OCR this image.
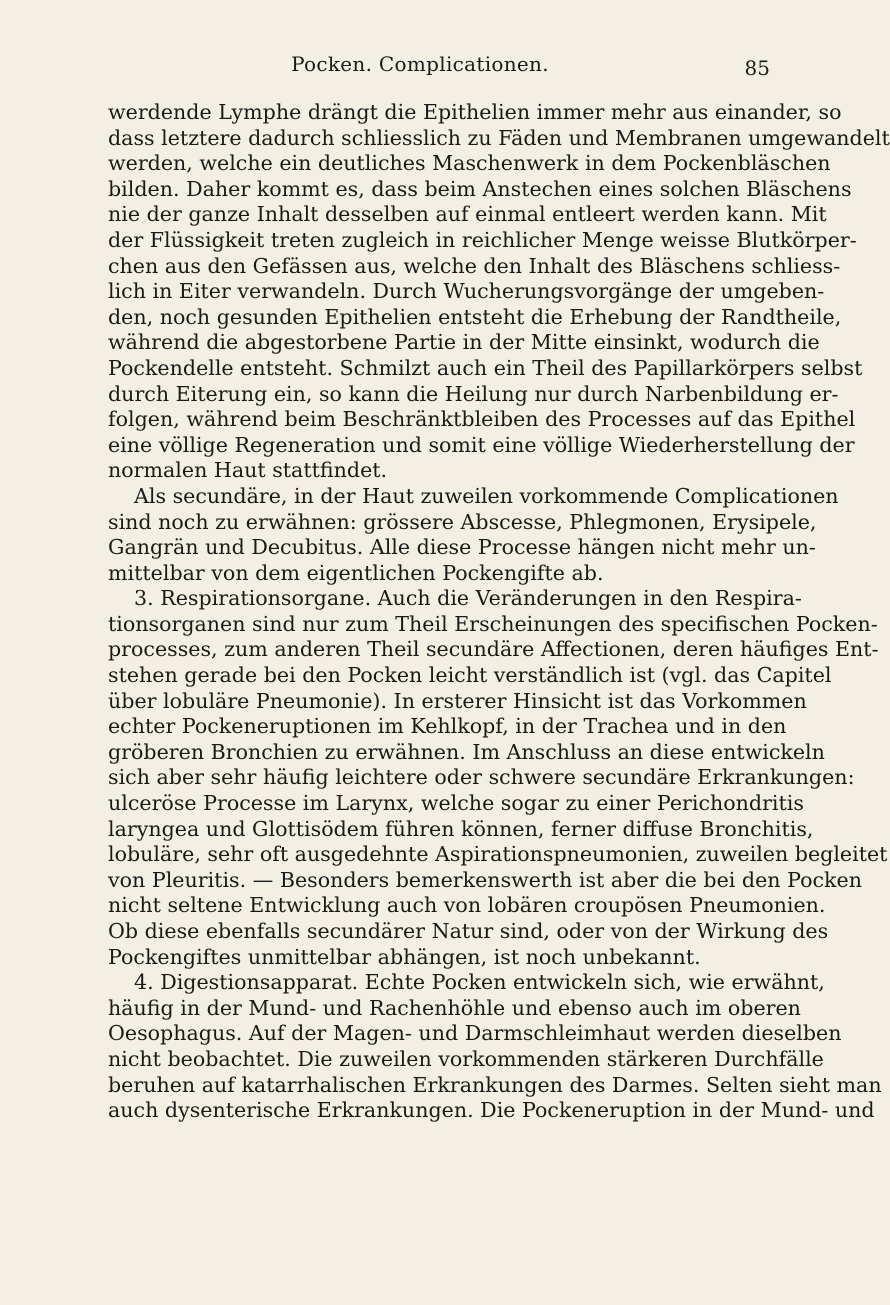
Pocken. Complicationen.	85
werdende Lymphe drängt die Epithelien immer mehr aus einander, so
dass letztere dadurch schliesslich zu Fäden und Membranen umgewandelt
werden, welche ein deutliches Maschenwerk in dem Pockenbläschen
bilden. Daher kommt es, dass beim Anstechen eines solchen Bläschens
nie der ganze Inhalt desselben auf einmal entleert werden kann. Mit
der Flüssigkeit treten zugleich in reichlicher Menge weisse Blutkörper-
chen aus den Gefässen aus, welche den Inhalt des Bläschens schliess-
lich in Eiter verwandeln. Durch Wucherungsvorgänge der umgeben-
den, noch gesunden Epithelien entsteht die Erhebung der Randtheile,
während die abgestorbene Partie in der Mitte einsinkt, wodurch die
Pockendelle entsteht. Schmilzt auch ein Theil des Papillarkörpers selbst
durch Eiterung ein, so kann die Heilung nur durch Narbenbildung er-
folgen, während beim Beschränktbleiben des Processes auf das Epithel
eine völlige Regeneration und somit eine völlige Wiederherstellung der
normalen Haut stattfindet.
Als secundäre, in der Haut zuweilen vorkommende Complicationen
sind noch zu erwähnen: grössere Abscesse, Phlegmonen, Erysipele,
Gangrän und Decubitus. Alle diese Processe hängen nicht mehr un-
mittelbar von dem eigentlichen Pockengifte ab.
3. Respirationsorgane. Auch die Veränderungen in den Respira-
tionsorganen sind nur zum Theil Erscheinungen des specifischen Pocken-
processes, zum anderen Theil secundäre Affectionen, deren häufiges Ent-
stehen gerade bei den Pocken leicht verständlich ist (vgl. das Capitel
über lobuläre Pneumonie). In ersterer Hinsicht ist das Vorkommen
echter Pockeneruptionen im Kehlkopf, in der Trachea und in den
gröberen Bronchien zu erwähnen. Im Anschluss an diese entwickeln
sich aber sehr häufig leichtere oder schwere secundäre Erkrankungen:
ulceröse Processe im Larynx, welche sogar zu einer Perichondritis
laryngea und Glottisödem führen können, ferner diffuse Bronchitis,
lobuläre, sehr oft ausgedehnte Aspirationspneumonien, zuweilen begleitet
von Pleuritis. — Besonders bemerkenswerth ist aber die bei den Pocken
nicht seltene Entwicklung auch von lobären croupösen Pneumonien.
Ob diese ebenfalls secundärer Natur sind, oder von der Wirkung des
Pockengiftes unmittelbar abhängen, ist noch unbekannt.
4. Digestionsapparat. Echte Pocken entwickeln sich, wie erwähnt,
häufig in der Mund- und Rachenhöhle und ebenso auch im oberen
Oesophagus. Auf der Magen- und Darmschleimhaut werden dieselben
nicht beobachtet. Die zuweilen vorkommenden stärkeren Durchfälle
beruhen auf katarrhalischen Erkrankungen des Darmes. Selten sieht man
auch dysenterische Erkrankungen. Die Pockeneruption in der Mund- und
